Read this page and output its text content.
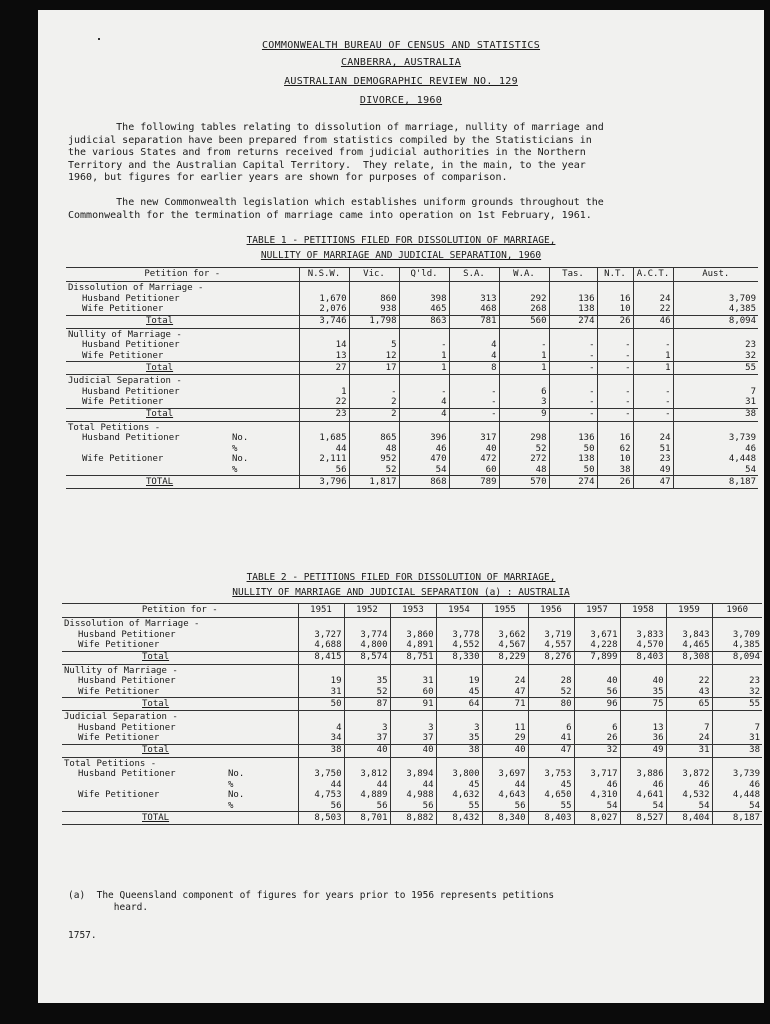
COMMONWEALTH BUREAU OF CENSUS AND STATISTICS
CANBERRA, AUSTRALIA
AUSTRALIAN DEMOGRAPHIC REVIEW NO. 129
DIVORCE, 1960
The following tables relating to dissolution of marriage, nullity of marriage and
judicial separation have been prepared from statistics compiled by the Statisticians in
the various States and from returns received from judicial authorities in the Northern
Territory and the Australian Capital Territory.  They relate, in the main, to the year
1960, but figures for earlier years are shown for purposes of comparison.
The new Commonwealth legislation which establishes uniform grounds throughout the
Commonwealth for the termination of marriage came into operation on 1st February, 1961.
TABLE 1 - PETITIONS FILED FOR DISSOLUTION OF MARRIAGE,
NULLITY OF MARRIAGE AND JUDICIAL SEPARATION, 1960
Petition for -	N.S.W.	Vic.	Q'ld.	S.A.	W.A.	Tas.	N.T.	A.C.T.	Aust.
Dissolution of Marriage -									
Husband Petitioner	1,670	860	398	313	292	136	16	24	3,709
Wife Petitioner	2,076	938	465	468	268	138	10	22	4,385
Total	3,746	1,798	863	781	560	274	26	46	8,094
Nullity of Marriage -									
Husband Petitioner	14	5	-	4	-	-	-	-	23
Wife Petitioner	13	12	1	4	1	-	-	1	32
Total	27	17	1	8	1	-	-	1	55
Judicial Separation -									
Husband Petitioner	1	-	-	-	6	-	-	-	7
Wife Petitioner	22	2	4	-	3	-	-	-	31
Total	23	2	4	-	9	-	-	-	38
Total Petitions -									
Husband Petitioner No.	1,685	865	396	317	298	136	16	24	3,739
%	44	48	46	40	52	50	62	51	46
Wife Petitioner No.	2,111	952	470	472	272	138	10	23	4,448
%	56	52	54	60	48	50	38	49	54
TOTAL	3,796	1,817	868	789	570	274	26	47	8,187
TABLE 2 - PETITIONS FILED FOR DISSOLUTION OF MARRIAGE,
NULLITY OF MARRIAGE AND JUDICIAL SEPARATION (a) : AUSTRALIA
Petition for -	1951	1952	1953	1954	1955	1956	1957	1958	1959	1960
Dissolution of Marriage -										
Husband Petitioner	3,727	3,774	3,860	3,778	3,662	3,719	3,671	3,833	3,843	3,709
Wife Petitioner	4,688	4,800	4,891	4,552	4,567	4,557	4,228	4,570	4,465	4,385
Total	8,415	8,574	8,751	8,330	8,229	8,276	7,899	8,403	8,308	8,094
Nullity of Marriage -										
Husband Petitioner	19	35	31	19	24	28	40	40	22	23
Wife Petitioner	31	52	60	45	47	52	56	35	43	32
Total	50	87	91	64	71	80	96	75	65	55
Judicial Separation -										
Husband Petitioner	4	3	3	3	11	6	6	13	7	7
Wife Petitioner	34	37	37	35	29	41	26	36	24	31
Total	38	40	40	38	40	47	32	49	31	38
Total Petitions -										
Husband Petitioner No.	3,750	3,812	3,894	3,800	3,697	3,753	3,717	3,886	3,872	3,739
%	44	44	44	45	44	45	46	46	46	46
Wife Petitioner No.	4,753	4,889	4,988	4,632	4,643	4,650	4,310	4,641	4,532	4,448
%	56	56	56	55	56	55	54	54	54	54
TOTAL	8,503	8,701	8,882	8,432	8,340	8,403	8,027	8,527	8,404	8,187
(a)  The Queensland component of figures for years prior to 1956 represents petitions
heard.
1757.
